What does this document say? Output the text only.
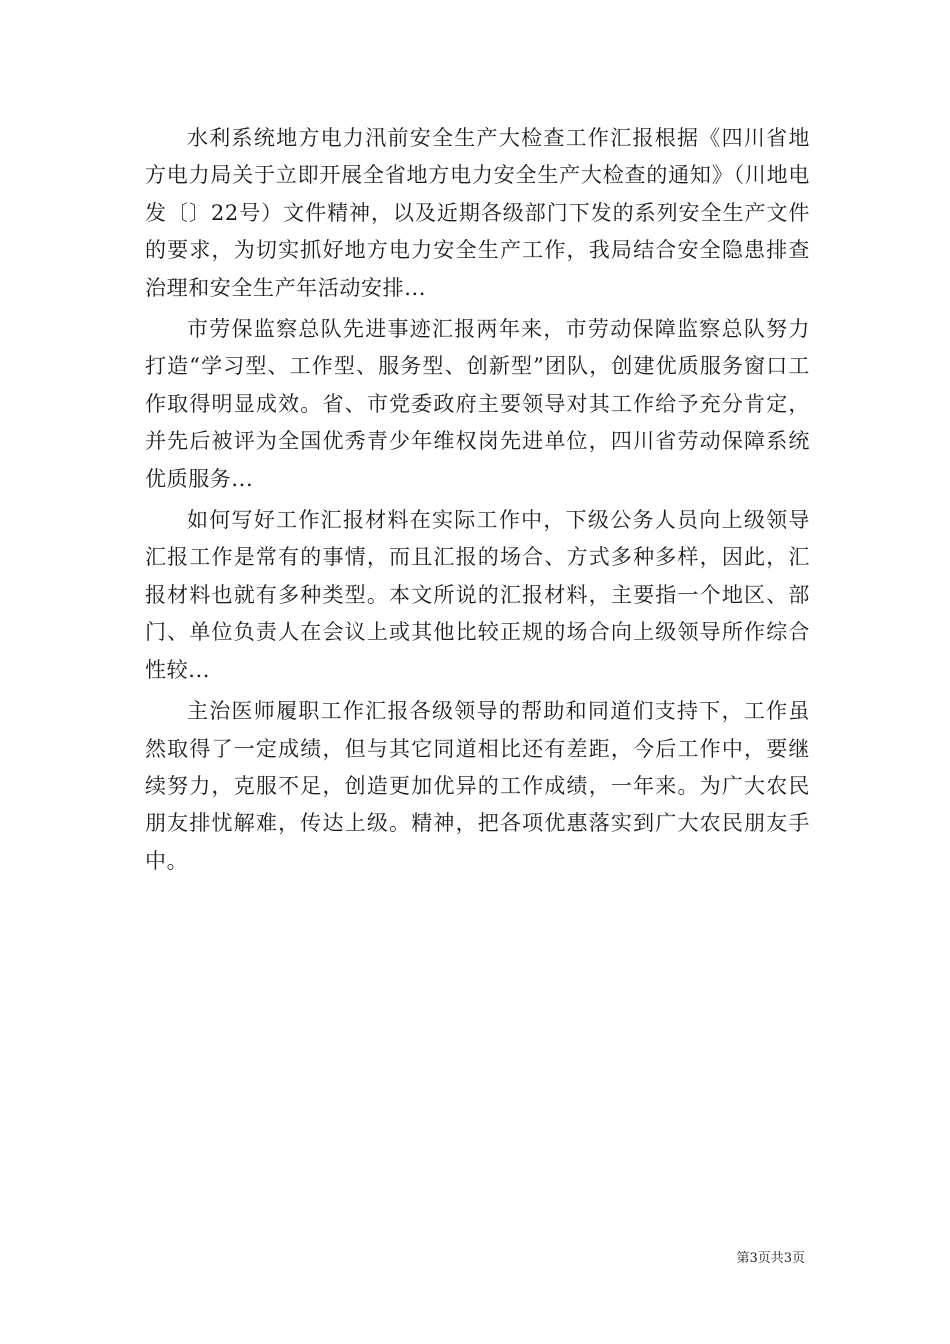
水利系统地方电力汛前安全生产大检查工作汇报根据《四川省地方电力局关于立即开展全省地方电力安全生产大检查的通知》（川地电发〔〕22号）文件精神，以及近期各级部门下发的系列安全生产文件的要求，为切实抓好地方电力安全生产工作，我局结合安全隐患排查治理和安全生产年活动安排...

市劳保监察总队先进事迹汇报两年来，市劳动保障监察总队努力打造“学习型、工作型、服务型、创新型”团队，创建优质服务窗口工作取得明显成效。省、市党委政府主要领导对其工作给予充分肯定，并先后被评为全国优秀青少年维权岗先进单位，四川省劳动保障系统优质服务...

如何写好工作汇报材料在实际工作中，下级公务人员向上级领导汇报工作是常有的事情，而且汇报的场合、方式多种多样，因此，汇报材料也就有多种类型。本文所说的汇报材料，主要指一个地区、部门、单位负责人在会议上或其他比较正规的场合向上级领导所作综合性较...

主治医师履职工作汇报各级领导的帮助和同道们支持下，工作虽然取得了一定成绩，但与其它同道相比还有差距，今后工作中，要继续努力，克服不足，创造更加优异的工作成绩，一年来。为广大农民朋友排忧解难，传达上级。精神，把各项优惠落实到广大农民朋友手中。

第3页共3页
